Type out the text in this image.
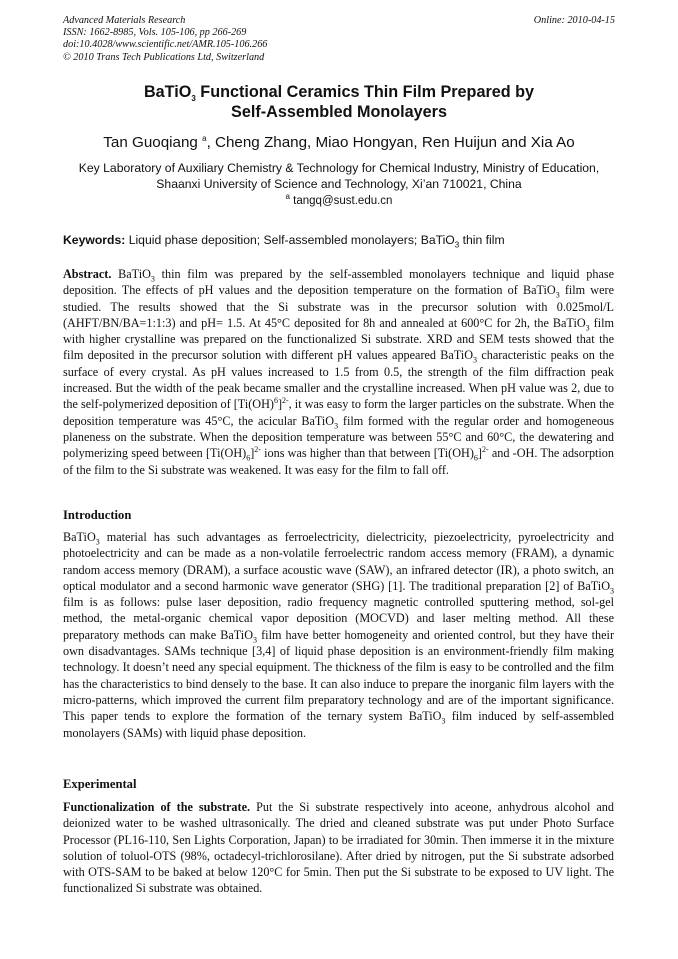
Advanced Materials Research
ISSN: 1662-8985, Vols. 105-106, pp 266-269
doi:10.4028/www.scientific.net/AMR.105-106.266
© 2010 Trans Tech Publications Ltd, Switzerland
Online: 2010-04-15
BaTiO$_3$ Functional Ceramics Thin Film Prepared by
Self-Assembled Monolayers
Tan Guoqiang $^a$, Cheng Zhang, Miao Hongyan, Ren Huijun and Xia Ao
Key Laboratory of Auxiliary Chemistry & Technology for Chemical Industry, Ministry of Education,
Shaanxi University of Science and Technology, Xi’an 710021, China
$^a$ tangq@sust.edu.cn
Keywords: Liquid phase deposition; Self-assembled monolayers; BaTiO$_3$ thin film
Abstract. BaTiO$_3$ thin film was prepared by the self-assembled monolayers technique and liquid phase deposition. The effects of pH values and the deposition temperature on the formation of BaTiO$_3$ film were studied. The results showed that the Si substrate was in the precursor solution with 0.025mol/L (AHFT/BN/BA=1:1:3) and pH= 1.5. At 45°C deposited for 8h and annealed at 600°C for 2h, the BaTiO$_3$ film with higher crystalline was prepared on the functionalized Si substrate. XRD and SEM tests showed that the film deposited in the precursor solution with different pH values appeared BaTiO$_3$ characteristic peaks on the surface of every crystal. As pH values increased to 1.5 from 0.5, the strength of the film diffraction peak increased. But the width of the peak became smaller and the crystalline increased. When pH value was 2, due to the self-polymerized deposition of $[Ti(OH)^6]^{2-}$, it was easy to form the larger particles on the substrate. When the deposition temperature was 45°C, the acicular BaTiO$_3$ film formed with the regular order and homogeneous planeness on the substrate. When the deposition temperature was between 55°C and 60°C, the dewatering and polymerizing speed between $[Ti(OH)_6]^{2-}$ ions was higher than that between $[Ti(OH)_6]^{2-}$ and -OH. The adsorption of the film to the Si substrate was weakened. It was easy for the film to fall off.
Introduction
BaTiO$_3$ material has such advantages as ferroelectricity, dielectricity, piezoelectricity, pyroelectricity and photoelectricity and can be made as a non-volatile ferroelectric random access memory (FRAM), a dynamic random access memory (DRAM), a surface acoustic wave (SAW), an infrared detector (IR), a photo switch, an optical modulator and a second harmonic wave generator (SHG) [1]. The traditional preparation [2] of BaTiO$_3$ film is as follows: pulse laser deposition, radio frequency magnetic controlled sputtering method, sol-gel method, the metal-organic chemical vapor deposition (MOCVD) and laser melting method. All these preparatory methods can make BaTiO$_3$ film have better homogeneity and oriented control, but they have their own disadvantages. SAMs technique [3,4] of liquid phase deposition is an environment-friendly film making technology. It doesn’t need any special equipment. The thickness of the film is easy to be controlled and the film has the characteristics to bind densely to the base. It can also induce to prepare the inorganic film layers with the micro-patterns, which improved the current film preparatory technology and are of the important significance. This paper tends to explore the formation of the ternary system BaTiO$_3$ film induced by self-assembled monolayers (SAMs) with liquid phase deposition.
Experimental
Functionalization of the substrate. Put the Si substrate respectively into aceone, anhydrous alcohol and deionized water to be washed ultrasonically. The dried and cleaned substrate was put under Photo Surface Processor (PL16-110, Sen Lights Corporation, Japan) to be irradiated for 30min. Then immerse it in the mixture solution of toluol-OTS (98%, octadecyl-trichlorosilane). After dried by nitrogen, put the Si substrate adsorbed with OTS-SAM to be baked at below 120°C for 5min. Then put the Si substrate to be exposed to UV light. The functionalized Si substrate was obtained.
